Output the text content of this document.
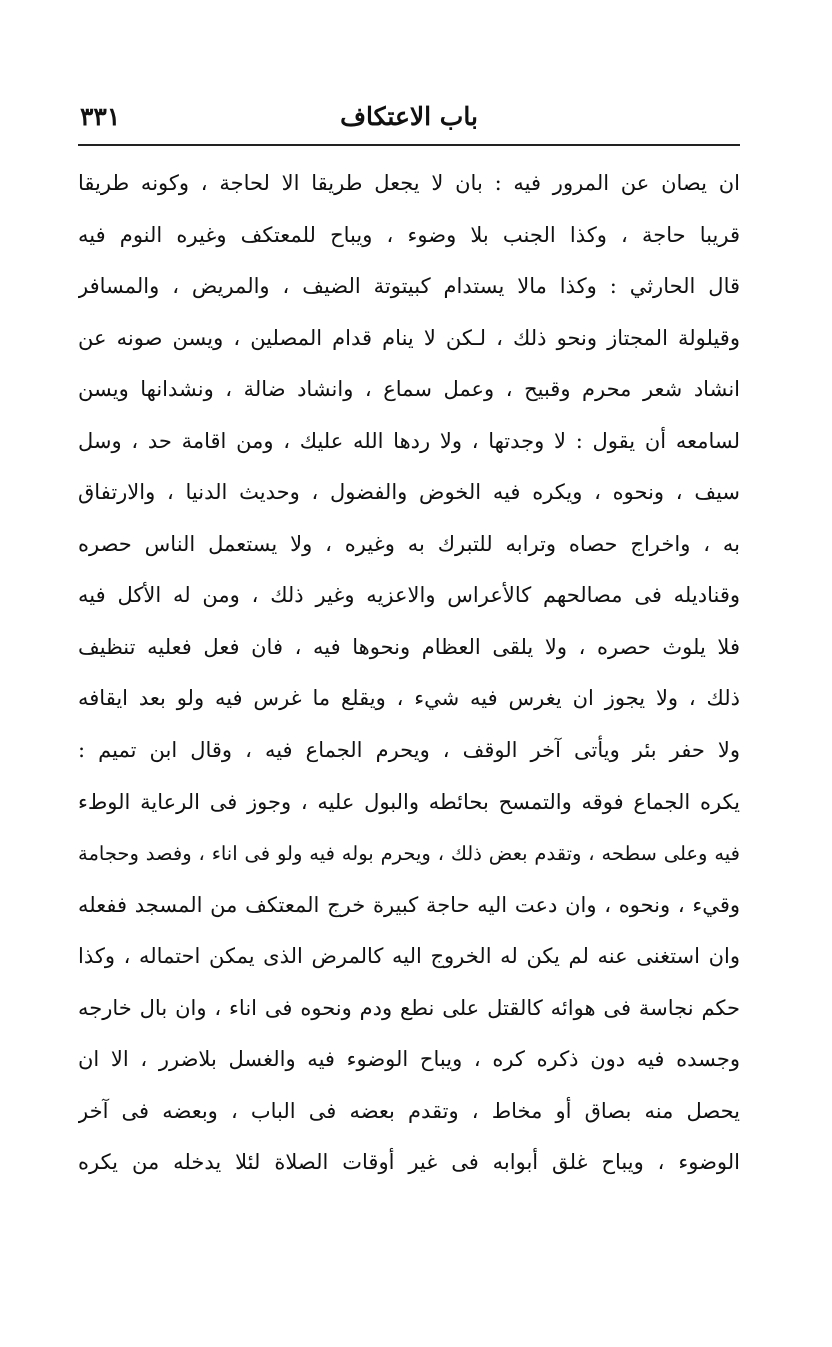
باب الاعتكاف
٣٣١
ان يصان عن المرور فيه : بان لا يجعل طريقا الا لحاجة ، وكونه طريقا
قريبا حاجة ، وكذا الجنب بلا وضوء ، ويباح للمعتكف وغيره النوم فيه
قال الحارثي : وكذا مالا يستدام كبيتوتة الضيف ، والمريض ، والمسافر
وقيلولة المجتاز ونحو ذلك ، لـكن لا ينام قدام المصلين ، ويسن صونه عن
انشاد شعر محرم وقبيح ، وعمل سماع ، وانشاد ضالة ، ونشدانها ويسن
لسامعه أن يقول : لا وجدتها ، ولا ردها الله عليك ، ومن اقامة حد ، وسل
سيف ، ونحوه ، ويكره فيه الخوض والفضول ، وحديث الدنيا ، والارتفاق
به ، واخراج حصاه وترابه للتبرك به وغيره ، ولا يستعمل الناس حصره
وقناديله فى مصالحهم كالأعراس والاعزيه وغير ذلك ، ومن له الأكل فيه
فلا يلوث حصره ، ولا يلقى العظام ونحوها فيه ، فان فعل فعليه تنظيف
ذلك ، ولا يجوز ان يغرس فيه شيء ، ويقلع ما غرس فيه ولو بعد ايقافه
ولا حفر بئر ويأتى آخر الوقف ، ويحرم الجماع فيه ، وقال ابن تميم :
يكره الجماع فوقه والتمسح بحائطه والبول عليه ، وجوز فى الرعاية الوطء
فيه وعلى سطحه ، وتقدم بعض ذلك ، ويحرم بوله فيه ولو فى اناء ، وفصد وحجامة
وقيء ، ونحوه ، وان دعت اليه حاجة كبيرة خرج المعتكف من المسجد ففعله
وان استغنى عنه لم يكن له الخروج اليه كالمرض الذى يمكن احتماله ، وكذا
حكم نجاسة فى هوائه كالقتل على نطع ودم ونحوه فى اناء ، وان بال خارجه
وجسده فيه دون ذكره كره ، ويباح الوضوء فيه والغسل بلاضرر ، الا ان
يحصل منه بصاق أو مخاط ، وتقدم بعضه فى الباب ، وبعضه فى آخر
الوضوء ، ويباح غلق أبوابه فى غير أوقات الصلاة لئلا يدخله من يكره
